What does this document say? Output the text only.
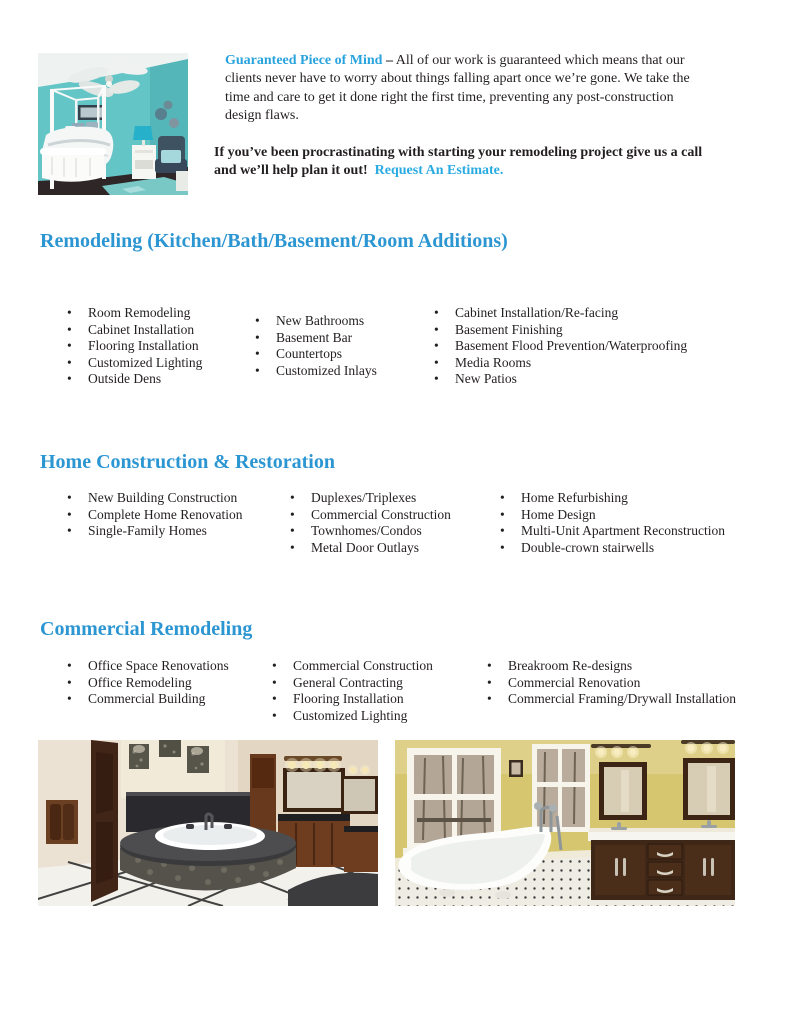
Guaranteed Piece of Mind – All of our work is guaranteed which means that our clients never have to worry about things falling apart once we’re gone. We take the time and care to get it done right the first time, preventing any post-construction design flaws.

If you’ve been procrastinating with starting your remodeling project give us a call and we’ll help plan it out! Request An Estimate.

Remodeling (Kitchen/Bath/Basement/Room Additions)
• Room Remodeling
• Cabinet Installation
• Flooring Installation
• Customized Lighting
• Outside Dens
• New Bathrooms
• Basement Bar
• Countertops
• Customized Inlays
• Cabinet Installation/Re-facing
• Basement Finishing
• Basement Flood Prevention/Waterproofing
• Media Rooms
• New Patios
Home Construction & Restoration
• New Building Construction
• Complete Home Renovation
• Single-Family Homes
• Duplexes/Triplexes
• Commercial Construction
• Townhomes/Condos
• Metal Door Outlays
• Home Refurbishing
• Home Design
• Multi-Unit Apartment Reconstruction
• Double-crown stairwells
Commercial Remodeling
• Office Space Renovations
• Office Remodeling
• Commercial Building
• Commercial Construction
• General Contracting
• Flooring Installation
• Customized Lighting
• Breakroom Re-designs
• Commercial Renovation
• Commercial Framing/Drywall Installation
